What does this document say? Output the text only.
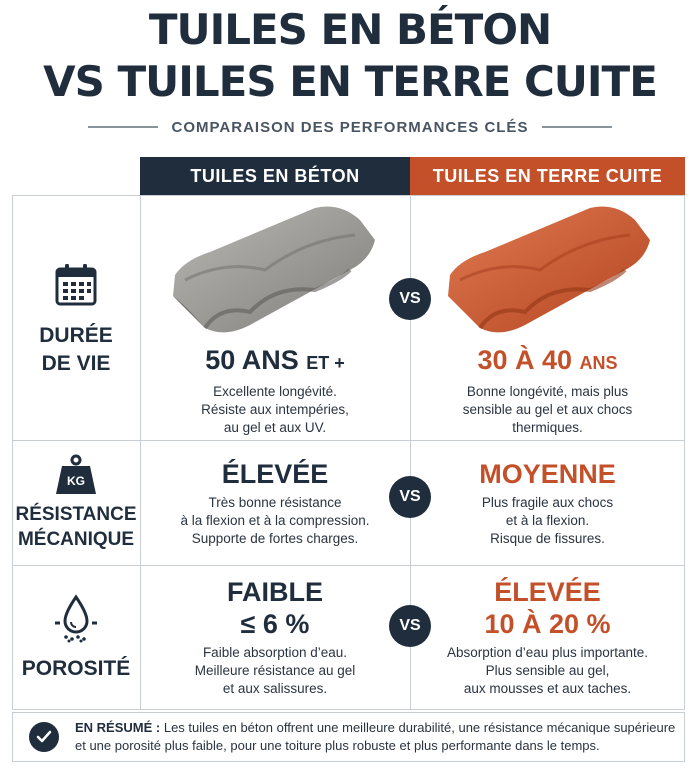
TUILES EN BÉTON
VS TUILES EN TERRE CUITE
COMPARAISON DES PERFORMANCES CLÉS
TUILES EN BÉTON	TUILES EN TERRE CUITE
DURÉE
DE VIE
VS
50 ANS ET +
Excellente longévité.
Résiste aux intempéries,
au gel et aux UV.
30 À 40 ANS
Bonne longévité, mais plus
sensible au gel et aux chocs
thermiques.
KG
RÉSISTANCE
MÉCANIQUE
VS
ÉLEVÉE
Très bonne résistance
à la flexion et à la compression.
Supporte de fortes charges.
MOYENNE
Plus fragile aux chocs
et à la flexion.
Risque de fissures.
POROSITÉ
VS
FAIBLE
≤ 6 %
Faible absorption d’eau.
Meilleure résistance au gel
et aux salissures.
ÉLEVÉE
10 À 20 %
Absorption d’eau plus importante.
Plus sensible au gel,
aux mousses et aux taches.
EN RÉSUMÉ : Les tuiles en béton offrent une meilleure durabilité, une résistance mécanique supérieure
et une porosité plus faible, pour une toiture plus robuste et plus performante dans le temps.
